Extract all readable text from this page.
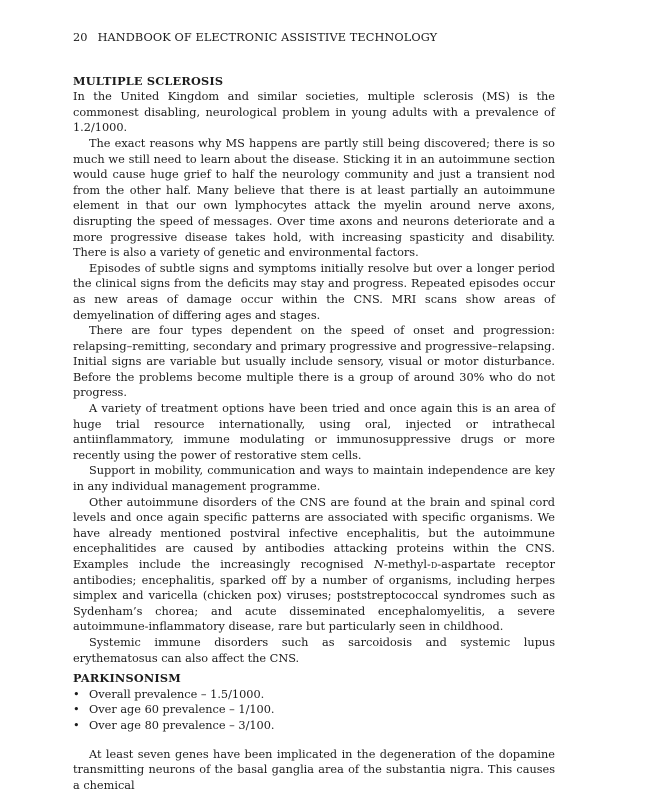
20 HANDBOOK OF ELECTRONIC ASSISTIVE TECHNOLOGY
MULTIPLE SCLEROSIS

In the United Kingdom and similar societies, multiple sclerosis (MS) is the commonest disabling, neurological problem in young adults with a prevalence of 1.2/1000.

The exact reasons why MS happens are partly still being discovered; there is so much we still need to learn about the disease. Sticking it in an autoimmune section would cause huge grief to half the neurology community and just a transient nod from the other half. Many believe that there is at least partially an autoimmune element in that our own lymphocytes attack the myelin around nerve axons, disrupting the speed of messages. Over time axons and neurons deteriorate and a more progressive disease takes hold, with increasing spasticity and disability. There is also a variety of genetic and environmental factors.

Episodes of subtle signs and symptoms initially resolve but over a longer period the clinical signs from the deficits may stay and progress. Repeated episodes occur as new areas of damage occur within the CNS. MRI scans show areas of demyelination of differing ages and stages.

There are four types dependent on the speed of onset and progression: relapsing–remitting, secondary and primary progressive and progressive–relapsing. Initial signs are variable but usually include sensory, visual or motor disturbance. Before the problems become multiple there is a group of around 30% who do not progress.

A variety of treatment options have been tried and once again this is an area of huge trial resource internationally, using oral, injected or intrathecal antiinflammatory, immune modulating or immunosuppressive drugs or more recently using the power of restorative stem cells.

Support in mobility, communication and ways to maintain independence are key in any individual management programme.

Other autoimmune disorders of the CNS are found at the brain and spinal cord levels and once again specific patterns are associated with specific organisms. We have already mentioned postviral infective encephalitis, but the autoimmune encephalitides are caused by antibodies attacking proteins within the CNS. Examples include the increasingly recognised N-methyl-d-aspartate receptor antibodies; encephalitis, sparked off by a number of organisms, including herpes simplex and varicella (chicken pox) viruses; poststreptococcal syndromes such as Sydenham’s chorea; and acute disseminated encephalomyelitis, a severe autoimmune-inflammatory disease, rare but particularly seen in childhood.

Systemic immune disorders such as sarcoidosis and systemic lupus erythematosus can also affect the CNS.

PARKINSONISM
• Overall prevalence – 1.5/1000.
• Over age 60 prevalence – 1/100.
• Over age 80 prevalence – 3/100.

At least seven genes have been implicated in the degeneration of the dopamine transmitting neurons of the basal ganglia area of the substantia nigra. This causes a chemical
